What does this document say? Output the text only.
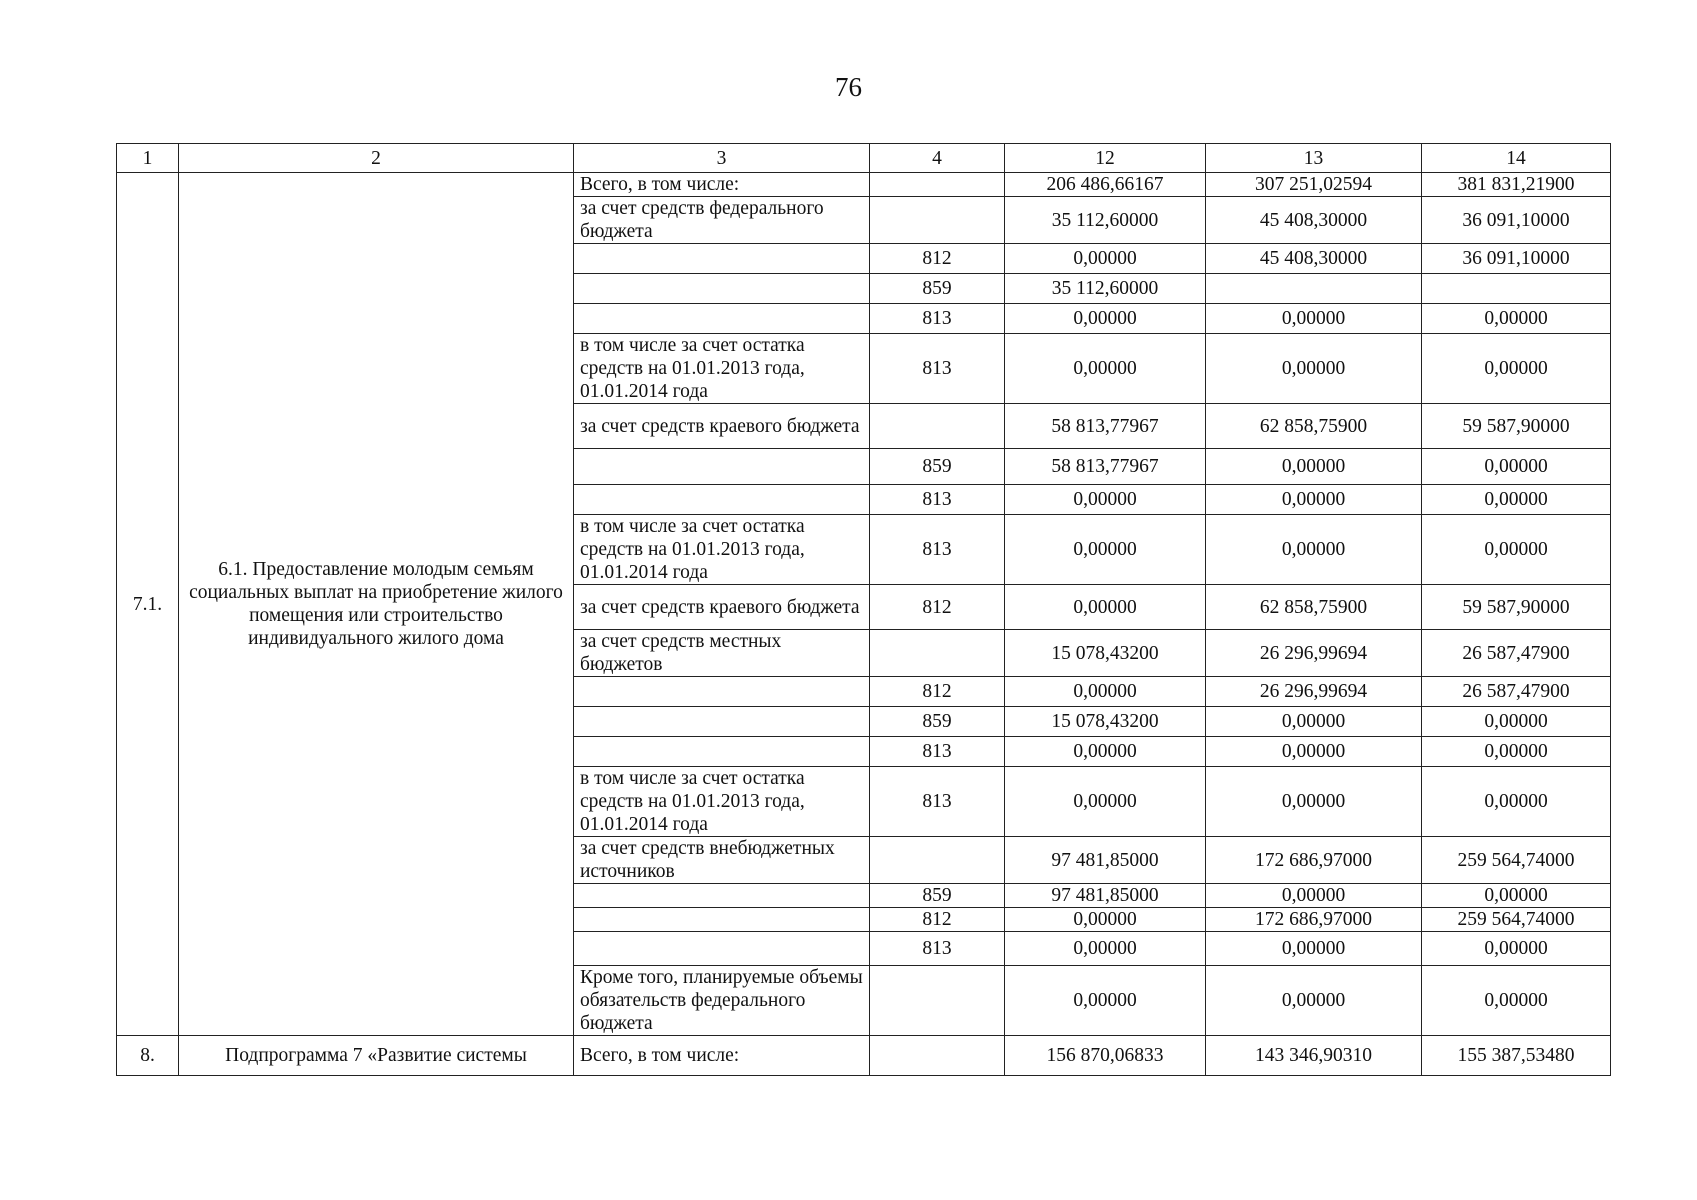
76
1	2	3	4	12	13	14
7.1.	6.1. Предоставление молодым семьям социальных выплат на приобретение жилого помещения или строительство индивидуального жилого дома	Всего, в том числе:		206 486,66167	307 251,02594	381 831,21900
		за счет средств федерального бюджета		35 112,60000	45 408,30000	36 091,10000
			812	0,00000	45 408,30000	36 091,10000
			859	35 112,60000		
			813	0,00000	0,00000	0,00000
		в том числе за счет остатка средств на 01.01.2013 года, 01.01.2014 года	813	0,00000	0,00000	0,00000
		за счет средств краевого бюджета		58 813,77967	62 858,75900	59 587,90000
			859	58 813,77967	0,00000	0,00000
			813	0,00000	0,00000	0,00000
		в том числе за счет остатка средств на 01.01.2013 года, 01.01.2014 года	813	0,00000	0,00000	0,00000
		за счет средств краевого бюджета	812	0,00000	62 858,75900	59 587,90000
		за счет средств местных бюджетов		15 078,43200	26 296,99694	26 587,47900
			812	0,00000	26 296,99694	26 587,47900
			859	15 078,43200	0,00000	0,00000
			813	0,00000	0,00000	0,00000
		в том числе за счет остатка средств на 01.01.2013 года, 01.01.2014 года	813	0,00000	0,00000	0,00000
		за счет средств внебюджетных источников		97 481,85000	172 686,97000	259 564,74000
			859	97 481,85000	0,00000	0,00000
			812	0,00000	172 686,97000	259 564,74000
			813	0,00000	0,00000	0,00000
		Кроме того, планируемые объемы обязательств федерального бюджета		0,00000	0,00000	0,00000
8.	Подпрограмма 7 «Развитие системы	Всего, в том числе:		156 870,06833	143 346,90310	155 387,53480
